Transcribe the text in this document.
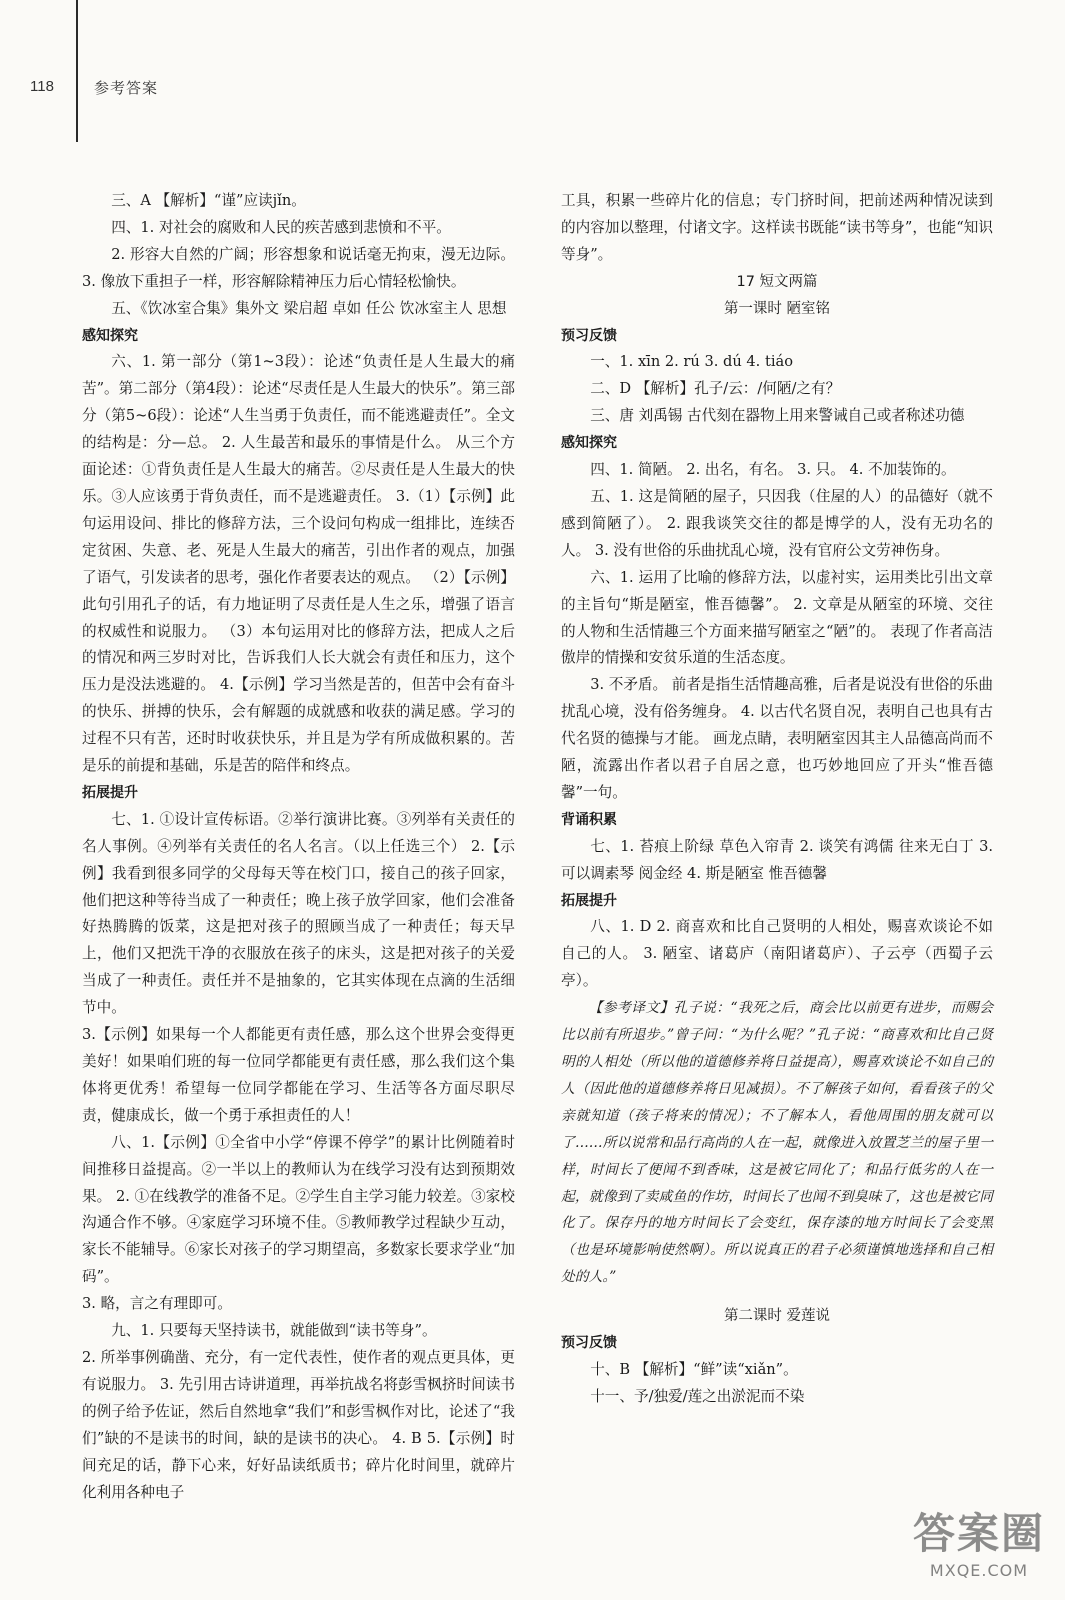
118	参考答案

三、A 【解析】“谨”应读jǐn。

四、1. 对社会的腐败和人民的疾苦感到悲愤和不平。

2. 形容大自然的广阔；形容想象和说话毫无拘束，漫无边际。 3. 像放下重担子一样，形容解除精神压力后心情轻松愉快。

五、《饮冰室合集》集外文 梁启超 卓如 任公 饮冰室主人 思想

感知探究

六、1. 第一部分（第1~3段）：论述“负责任是人生最大的痛苦”。第二部分（第4段）：论述“尽责任是人生最大的快乐”。第三部分（第5~6段）：论述“人生当勇于负责任，而不能逃避责任”。全文的结构是：分—总。 2. 人生最苦和最乐的事情是什么。 从三个方面论述：①背负责任是人生最大的痛苦。②尽责任是人生最大的快乐。③人应该勇于背负责任，而不是逃避责任。 3.（1）【示例】此句运用设问、排比的修辞方法，三个设问句构成一组排比，连续否定贫困、失意、老、死是人生最大的痛苦，引出作者的观点，加强了语气，引发读者的思考，强化作者要表达的观点。 （2）【示例】此句引用孔子的话，有力地证明了尽责任是人生之乐，增强了语言的权威性和说服力。 （3）本句运用对比的修辞方法，把成人之后的情况和两三岁时对比，告诉我们人长大就会有责任和压力，这个压力是没法逃避的。 4.【示例】学习当然是苦的，但苦中会有奋斗的快乐、拼搏的快乐，会有解题的成就感和收获的满足感。学习的过程不只有苦，还时时收获快乐，并且是为学有所成做积累的。苦是乐的前提和基础，乐是苦的陪伴和终点。

拓展提升

七、1. ①设计宣传标语。②举行演讲比赛。③列举有关责任的名人事例。④列举有关责任的名人名言。（以上任选三个） 2.【示例】我看到很多同学的父母每天等在校门口，接自己的孩子回家，他们把这种等待当成了一种责任；晚上孩子放学回家，他们会准备好热腾腾的饭菜，这是把对孩子的照顾当成了一种责任；每天早上，他们又把洗干净的衣服放在孩子的床头，这是把对孩子的关爱当成了一种责任。责任并不是抽象的，它其实体现在点滴的生活细节中。

3.【示例】如果每一个人都能更有责任感，那么这个世界会变得更美好！如果咱们班的每一位同学都能更有责任感，那么我们这个集体将更优秀！希望每一位同学都能在学习、生活等各方面尽职尽责，健康成长，做一个勇于承担责任的人！

八、1.【示例】①全省中小学“停课不停学”的累计比例随着时间推移日益提高。②一半以上的教师认为在线学习没有达到预期效果。 2. ①在线教学的准备不足。②学生自主学习能力较差。③家校沟通合作不够。④家庭学习环境不佳。⑤教师教学过程缺少互动，家长不能辅导。⑥家长对孩子的学习期望高，多数家长要求学业“加码”。

3. 略，言之有理即可。

九、1. 只要每天坚持读书，就能做到“读书等身”。

2. 所举事例确凿、充分，有一定代表性，使作者的观点更具体，更有说服力。 3. 先引用古诗讲道理，再举抗战名将彭雪枫挤时间读书的例子给予佐证，然后自然地拿“我们”和彭雪枫作对比，论述了“我们”缺的不是读书的时间，缺的是读书的决心。 4. B 5.【示例】时间充足的话，静下心来，好好品读纸质书；碎片化时间里，就碎片化利用各种电子

工具，积累一些碎片化的信息；专门挤时间，把前述两种情况读到的内容加以整理，付诸文字。这样读书既能“读书等身”，也能“知识等身”。

17 短文两篇

第一课时 陋室铭

预习反馈

一、1. xīn 2. rú 3. dú 4. tiáo

二、D 【解析】孔子/云：/何陋/之有？

三、唐 刘禹锡 古代刻在器物上用来警诫自己或者称述功德

感知探究

四、1. 简陋。 2. 出名，有名。 3. 只。 4. 不加装饰的。

五、1. 这是简陋的屋子，只因我（住屋的人）的品德好（就不感到简陋了）。 2. 跟我谈笑交往的都是博学的人，没有无功名的人。 3. 没有世俗的乐曲扰乱心境，没有官府公文劳神伤身。

六、1. 运用了比喻的修辞方法，以虚衬实，运用类比引出文章的主旨句“斯是陋室，惟吾德馨”。 2. 文章是从陋室的环境、交往的人物和生活情趣三个方面来描写陋室之“陋”的。 表现了作者高洁傲岸的情操和安贫乐道的生活态度。

3. 不矛盾。 前者是指生活情趣高雅，后者是说没有世俗的乐曲扰乱心境，没有俗务缠身。 4. 以古代名贤自况，表明自己也具有古代名贤的德操与才能。 画龙点睛，表明陋室因其主人品德高尚而不陋，流露出作者以君子自居之意，也巧妙地回应了开头“惟吾德馨”一句。

背诵积累

七、1. 苔痕上阶绿 草色入帘青 2. 谈笑有鸿儒 往来无白丁 3. 可以调素琴 阅金经 4. 斯是陋室 惟吾德馨

拓展提升

八、1. D 2. 商喜欢和比自己贤明的人相处，赐喜欢谈论不如自己的人。 3. 陋室、诸葛庐（南阳诸葛庐）、子云亭（西蜀子云亭）。

【参考译文】孔子说：“我死之后，商会比以前更有进步，而赐会比以前有所退步。”曾子问：“为什么呢？”孔子说：“商喜欢和比自己贤明的人相处（所以他的道德修养将日益提高），赐喜欢谈论不如自己的人（因此他的道德修养将日见减损）。不了解孩子如何，看看孩子的父亲就知道（孩子将来的情况）；不了解本人，看他周围的朋友就可以了……所以说常和品行高尚的人在一起，就像进入放置芝兰的屋子里一样，时间长了便闻不到香味，这是被它同化了；和品行低劣的人在一起，就像到了卖咸鱼的作坊，时间长了也闻不到臭味了，这也是被它同化了。保存丹的地方时间长了会变红，保存漆的地方时间长了会变黑（也是环境影响使然啊）。所以说真正的君子必须谨慎地选择和自己相处的人。”

第二课时 爱莲说

预习反馈

十、B 【解析】“鲜”读“xiǎn”。

十一、予/独爱/莲之出淤泥而不染

答案圈
MXQE.COM
